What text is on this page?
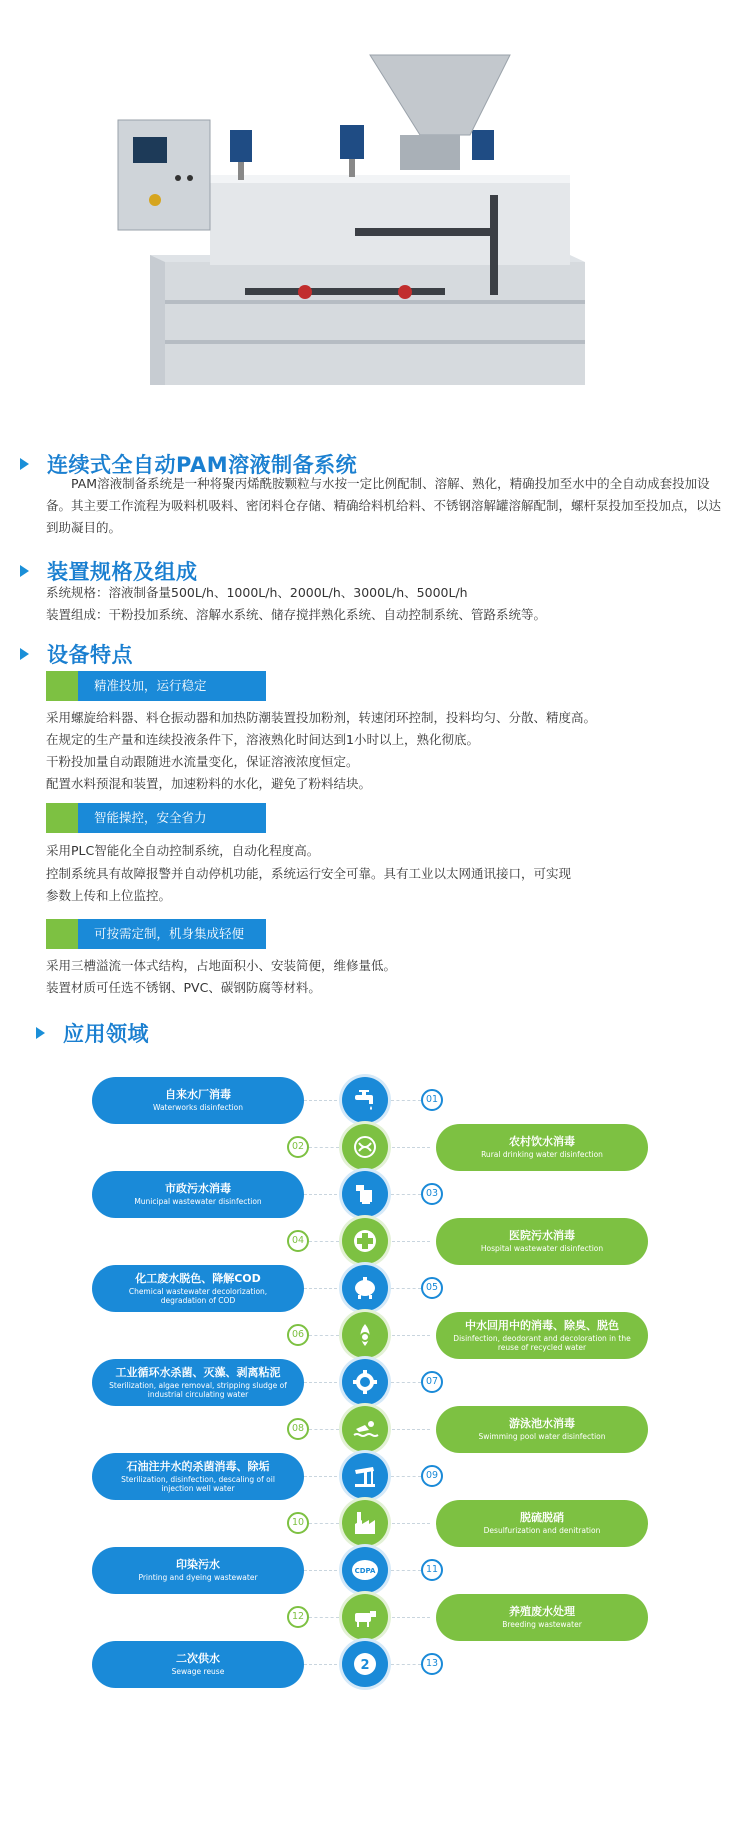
连续式全自动PAM溶液制备系统

PAM溶液制备系统是一种将聚丙烯酰胺颗粒与水按一定比例配制、溶解、熟化，精确投加至水中的全自动成套投加设备。其主要工作流程为吸料机吸料、密闭料仓存储、精确给料机给料、不锈钢溶解罐溶解配制，螺杆泵投加至投加点，以达到助凝目的。

装置规格及组成

系统规格：溶液制备量500L/h、1000L/h、2000L/h、3000L/h、5000L/h

装置组成：干粉投加系统、溶解水系统、储存搅拌熟化系统、自动控制系统、管路系统等。

设备特点
精准投加，运行稳定

采用螺旋给料器、料仓振动器和加热防潮装置投加粉剂，转速闭环控制，投料均匀、分散、精度高。

在规定的生产量和连续投液条件下，溶液熟化时间达到1小时以上，熟化彻底。

干粉投加量自动跟随进水流量变化，保证溶液浓度恒定。

配置水料预混和装置，加速粉料的水化，避免了粉料结块。

智能操控，安全省力

采用PLC智能化全自动控制系统，自动化程度高。

控制系统具有故障报警并自动停机功能，系统运行安全可靠。具有工业以太网通讯接口，可实现

参数上传和上位监控。

可按需定制，机身集成轻便

采用三槽溢流一体式结构，占地面积小、安装简便，维修量低。

装置材质可任选不锈钢、PVC、碳钢防腐等材料。

应用领域
自来水厂消毒
Waterworks disinfection
01
农村饮水消毒
Rural drinking water disinfection
02
市政污水消毒
Municipal wastewater disinfection
03
医院污水消毒
Hospital wastewater disinfection
04
化工废水脱色、降解COD
Chemical wastewater decolorization, degradation of COD
05
中水回用中的消毒、除臭、脱色
Disinfection, deodorant and decoloration in the reuse of recycled water
06
工业循环水杀菌、灭藻、剥离粘泥
Sterilization, algae removal, stripping sludge of industrial circulating water
07
游泳池水消毒
Swimming pool water disinfection
08
石油注井水的杀菌消毒、除垢
Sterilization, disinfection, descaling of oil injection well water
09
脱硫脱硝
Desulfurization and denitration
10
印染污水
Printing and dyeing wastewater
CDPA	11
养殖废水处理
Breeding wastewater
12
二次供水
Sewage reuse	2	13
